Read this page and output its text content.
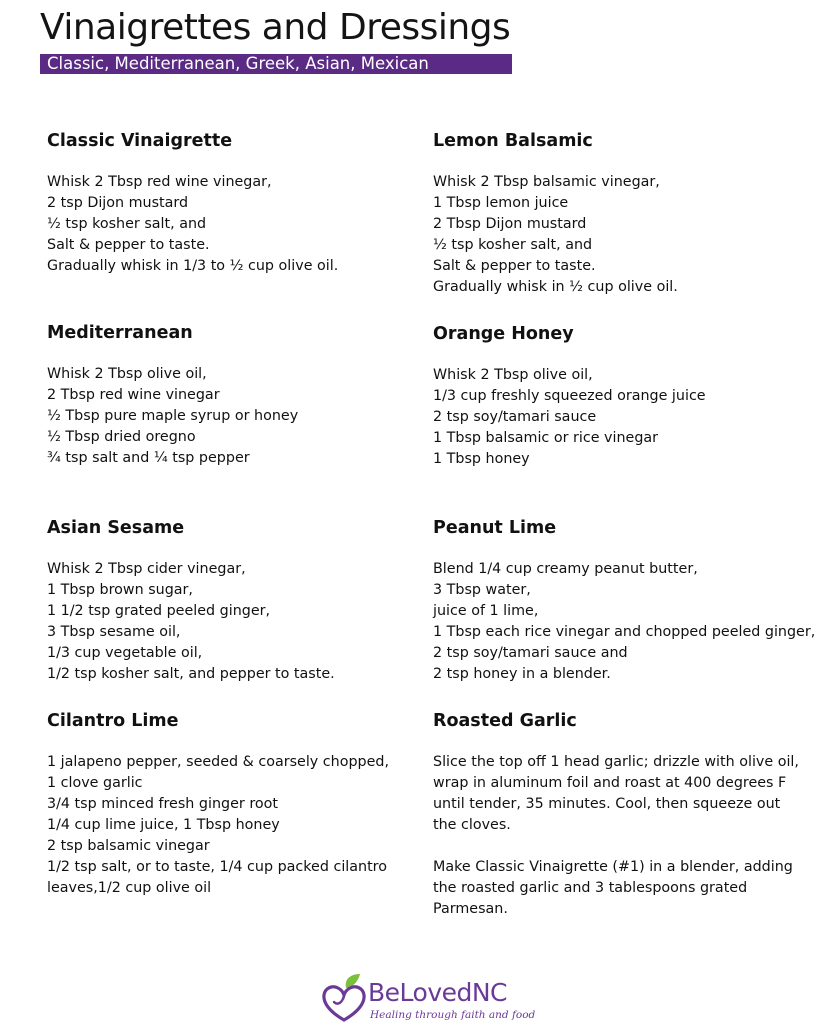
Vinaigrettes and Dressings
Classic, Mediterranean, Greek, Asian, Mexican
Classic Vinaigrette
Whisk 2 Tbsp red wine vinegar,
2 tsp Dijon mustard
½ tsp kosher salt, and
Salt & pepper to taste.
Gradually whisk in 1/3 to ½ cup olive oil.
Lemon Balsamic
Whisk 2 Tbsp balsamic vinegar,
1 Tbsp lemon juice
2 Tbsp Dijon mustard
½ tsp kosher salt, and
Salt & pepper to taste.
Gradually whisk in ½ cup olive oil.
Mediterranean
Whisk 2 Tbsp olive oil,
2 Tbsp red wine vinegar
½ Tbsp pure maple syrup or honey
½ Tbsp dried oregno
¾ tsp salt and ¼ tsp pepper
Orange Honey
Whisk 2 Tbsp olive oil,
1/3 cup freshly squeezed orange juice
2 tsp soy/tamari sauce
1 Tbsp balsamic or rice vinegar
1 Tbsp honey
Asian Sesame
Whisk 2 Tbsp cider vinegar,
1 Tbsp brown sugar,
1 1/2 tsp grated peeled ginger,
3 Tbsp sesame oil,
1/3 cup vegetable oil,
1/2 tsp kosher salt, and pepper to taste.
Peanut Lime
Blend 1/4 cup creamy peanut butter,
3 Tbsp water,
juice of 1 lime,
1 Tbsp each rice vinegar and chopped peeled ginger,
2 tsp soy/tamari sauce and
2 tsp honey in a blender.
Cilantro Lime
1 jalapeno pepper, seeded & coarsely chopped,
1 clove garlic
3/4 tsp minced fresh ginger root
1/4 cup lime juice, 1 Tbsp honey
2 tsp balsamic vinegar
1/2 tsp salt, or to taste, 1/4 cup packed cilantro
leaves,1/2 cup olive oil
Roasted Garlic
Slice the top off 1 head garlic; drizzle with olive oil,
wrap in aluminum foil and roast at 400 degrees F
until tender, 35 minutes. Cool, then squeeze out
the cloves.
Make Classic Vinaigrette (#1) in a blender, adding
the roasted garlic and 3 tablespoons grated
Parmesan.
BeLovedNC
Healing through faith and food
